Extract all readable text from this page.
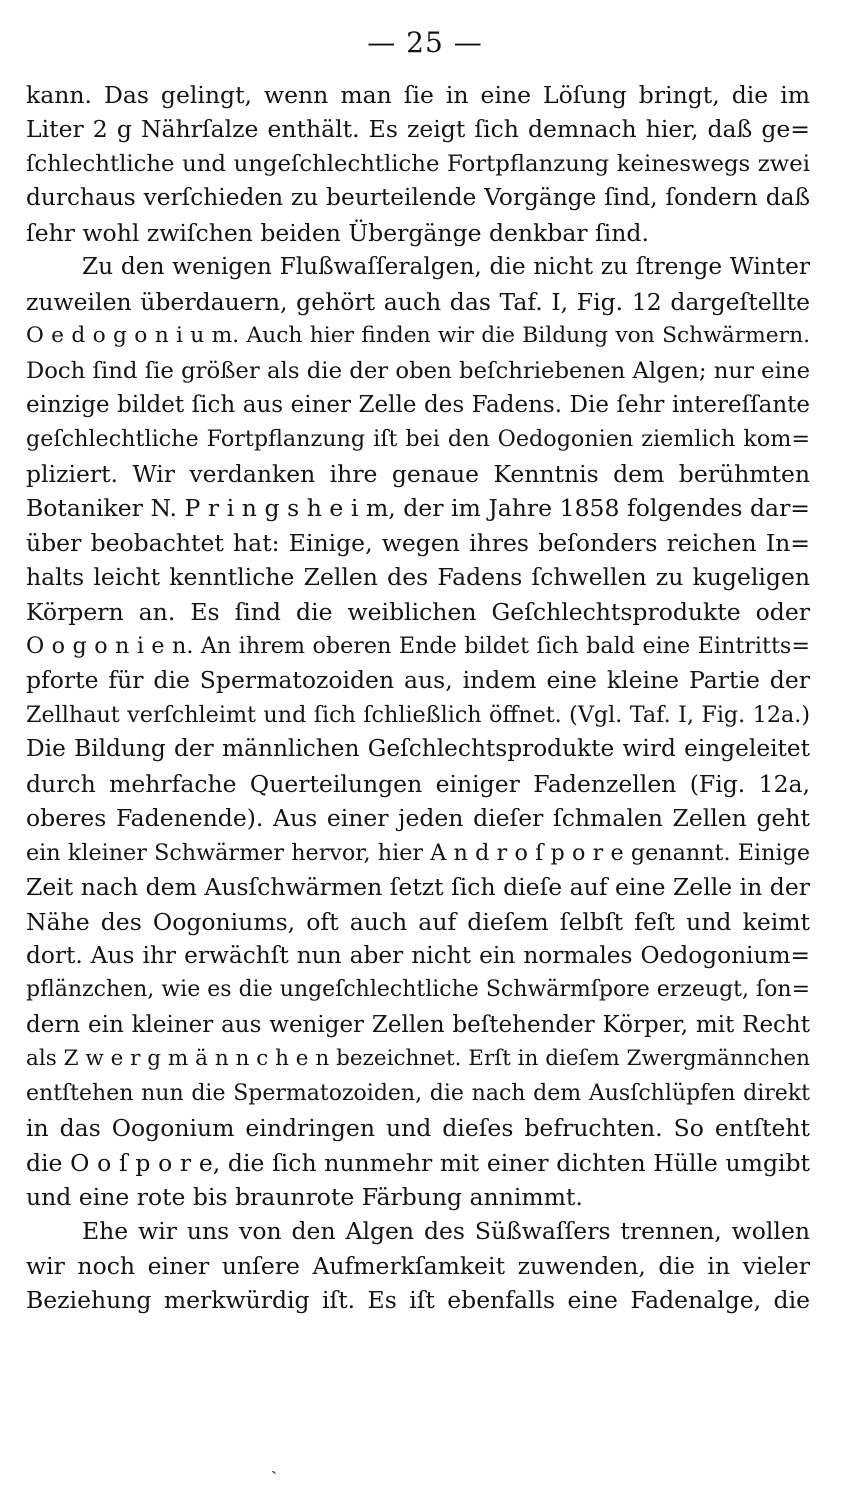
— 25 —
kann. Das gelingt, wenn man ſie in eine Löſung bringt, die im
Liter 2 g Nährſalze enthält. Es zeigt ſich demnach hier, daß ge=
ſchlechtliche und ungeſchlechtliche Fortpflanzung keineswegs zwei
durchaus verſchieden zu beurteilende Vorgänge ſind, ſondern daß
ſehr wohl zwiſchen beiden Übergänge denkbar ſind.
Zu den wenigen Flußwaſſeralgen, die nicht zu ſtrenge Winter
zuweilen überdauern, gehört auch das Taf. I, Fig. 12 dargeſtellte
O e d o g o n i u m. Auch hier finden wir die Bildung von Schwärmern.
Doch ſind ſie größer als die der oben beſchriebenen Algen; nur eine
einzige bildet ſich aus einer Zelle des Fadens. Die ſehr intereſſante
geſchlechtliche Fortpflanzung iſt bei den Oedogonien ziemlich kom=
pliziert. Wir verdanken ihre genaue Kenntnis dem berühmten
Botaniker N. P r i n g s h e i m, der im Jahre 1858 folgendes dar=
über beobachtet hat: Einige, wegen ihres beſonders reichen In=
halts leicht kenntliche Zellen des Fadens ſchwellen zu kugeligen
Körpern an. Es ſind die weiblichen Geſchlechtsprodukte oder
O o g o n i e n. An ihrem oberen Ende bildet ſich bald eine Eintritts=
pforte für die Spermatozoiden aus, indem eine kleine Partie der
Zellhaut verſchleimt und ſich ſchließlich öffnet. (Vgl. Taf. I, Fig. 12a.)
Die Bildung der männlichen Geſchlechtsprodukte wird eingeleitet
durch mehrfache Querteilungen einiger Fadenzellen (Fig. 12a,
oberes Fadenende). Aus einer jeden dieſer ſchmalen Zellen geht
ein kleiner Schwärmer hervor, hier A n d r o ſ p o r e genannt. Einige
Zeit nach dem Ausſchwärmen ſetzt ſich dieſe auf eine Zelle in der
Nähe des Oogoniums, oft auch auf dieſem ſelbſt feſt und keimt
dort. Aus ihr erwächſt nun aber nicht ein normales Oedogonium=
pflänzchen, wie es die ungeſchlechtliche Schwärmſpore erzeugt, ſon=
dern ein kleiner aus weniger Zellen beſtehender Körper, mit Recht
als Z w e r g m ä n n c h e n bezeichnet. Erſt in dieſem Zwergmännchen
entſtehen nun die Spermatozoiden, die nach dem Ausſchlüpfen direkt
in das Oogonium eindringen und dieſes befruchten. So entſteht
die O o ſ p o r e, die ſich nunmehr mit einer dichten Hülle umgibt
und eine rote bis braunrote Färbung annimmt.
Ehe wir uns von den Algen des Süßwaſſers trennen, wollen
wir noch einer unſere Aufmerkſamkeit zuwenden, die in vieler
Beziehung merkwürdig iſt. Es iſt ebenfalls eine Fadenalge, die
ˏ
